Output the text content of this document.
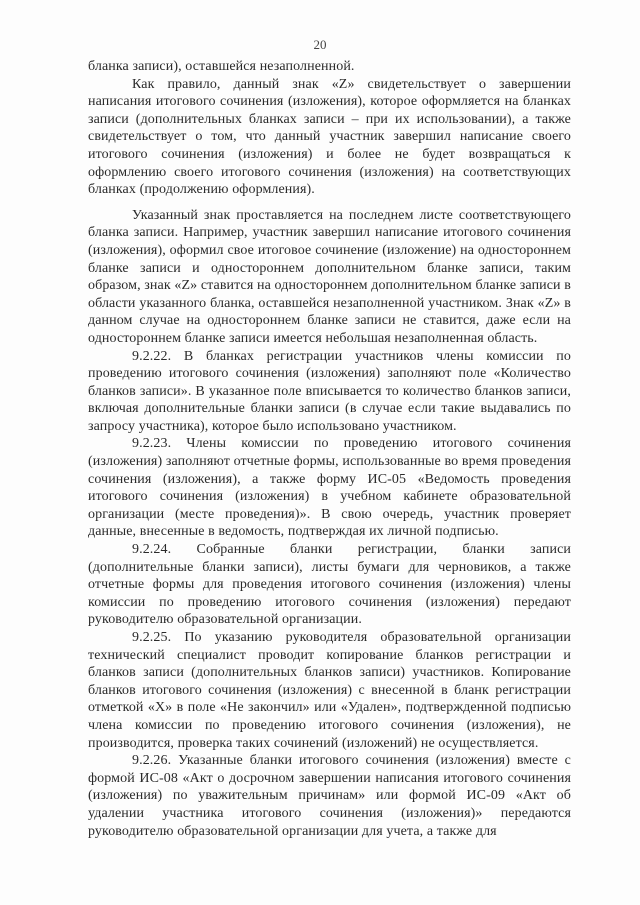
20

бланка записи), оставшейся незаполненной.

Как правило, данный знак «Z» свидетельствует о завершении написания итогового сочинения (изложения), которое оформляется на бланках записи (дополнительных бланках записи – при их использовании), а также свидетельствует о том, что данный участник завершил написание своего итогового сочинения (изложения) и более не будет возвращаться к оформлению своего итогового сочинения (изложения) на соответствующих бланках (продолжению оформления).

Указанный знак проставляется на последнем листе соответствующего бланка записи. Например, участник завершил написание итогового сочинения (изложения), оформил свое итоговое сочинение (изложение) на одностороннем бланке записи и одностороннем дополнительном бланке записи, таким образом, знак «Z» ставится на одностороннем дополнительном бланке записи в области указанного бланка, оставшейся незаполненной участником. Знак «Z» в данном случае на одностороннем бланке записи не ставится, даже если на одностороннем бланке записи имеется небольшая незаполненная область.

9.2.22. В бланках регистрации участников члены комиссии по проведению итогового сочинения (изложения) заполняют поле «Количество бланков записи». В указанное поле вписывается то количество бланков записи, включая дополнительные бланки записи (в случае если такие выдавались по запросу участника), которое было использовано участником.

9.2.23. Члены комиссии по проведению итогового сочинения (изложения) заполняют отчетные формы, использованные во время проведения сочинения (изложения), а также форму ИС-05 «Ведомость проведения итогового сочинения (изложения) в учебном кабинете образовательной организации (месте проведения)». В свою очередь, участник проверяет данные, внесенные в ведомость, подтверждая их личной подписью.

9.2.24. Собранные бланки регистрации, бланки записи (дополнительные бланки записи), листы бумаги для черновиков, а также отчетные формы для проведения итогового сочинения (изложения) члены комиссии по проведению итогового сочинения (изложения) передают руководителю образовательной организации.

9.2.25. По указанию руководителя образовательной организации технический специалист проводит копирование бланков регистрации и бланков записи (дополнительных бланков записи) участников. Копирование бланков итогового сочинения (изложения) с внесенной в бланк регистрации отметкой «Х» в поле «Не закончил» или «Удален», подтвержденной подписью члена комиссии по проведению итогового сочинения (изложения), не производится, проверка таких сочинений (изложений) не осуществляется.

9.2.26. Указанные бланки итогового сочинения (изложения) вместе с формой ИС-08 «Акт о досрочном завершении написания итогового сочинения (изложения) по уважительным причинам» или формой ИС-09 «Акт об удалении участника итогового сочинения (изложения)» передаются руководителю образовательной организации для учета, а также для
